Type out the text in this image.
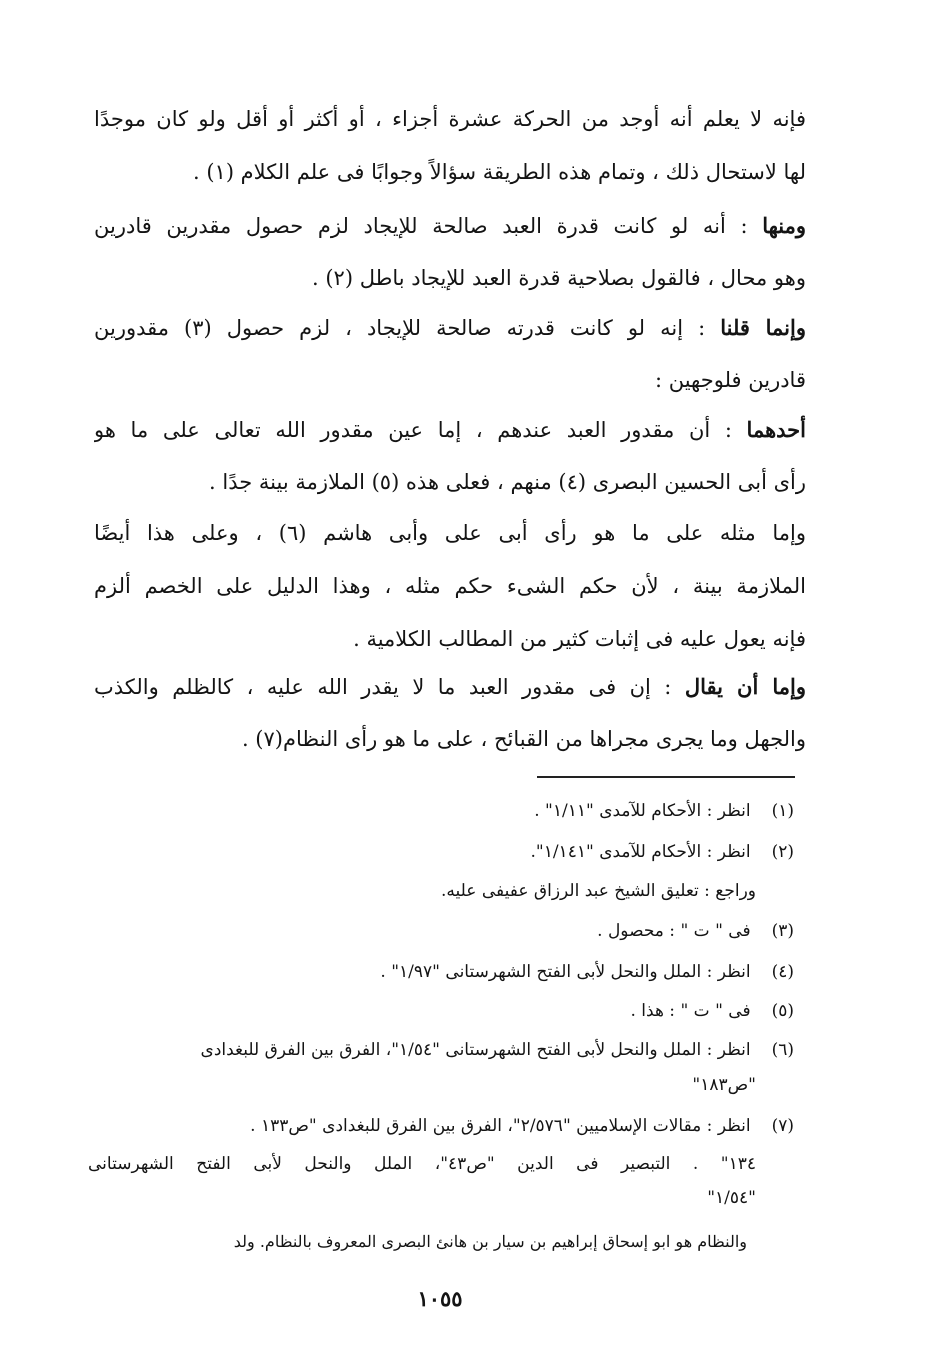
فإنه لا يعلم أنه أوجد من الحركة عشرة أجزاء ، أو أكثر أو أقل ولو كان موجدًا
لها لاستحال ذلك ، وتمام هذه الطريقة سؤالاً وجوابًا فى علم الكلام (١) .
ومنها : أنه لو كانت قدرة العبد صالحة للإيجاد لزم حصول مقدرين قادرين
وهو محال ، فالقول بصلاحية قدرة العبد للإيجاد باطل (٢) .
وإنما قلنا : إنه لو كانت قدرته صالحة للإيجاد ، لزم حصول (٣) مقدورين
قادرين فلوجهين :
أحدهما : أن مقدور العبد عندهم ، إما عين مقدور الله تعالى على ما هو
رأى أبى الحسين البصرى (٤) منهم ، فعلى هذه (٥) الملازمة بينة جدًا .
وإما مثله على ما هو رأى أبى على وأبى هاشم (٦) ، وعلى هذا أيضًا
الملازمة بينة ، لأن حكم الشىء حكم مثله ، وهذا الدليل على الخصم ألزم
فإنه يعول عليه فى إثبات كثير من المطالب الكلامية .
وإما أن يقال : إن فى مقدور العبد ما لا يقدر الله عليه ، كالظلم والكذب
والجهل وما يجرى مجراها من القبائح ، على ما هو رأى النظام(٧) .
(١) انظر : الأحكام للآمدى "١/١١" .
(٢) انظر : الأحكام للآمدى "١/١٤١".
وراجع : تعليق الشيخ عبد الرزاق عفيفى عليه.
(٣) فى " ت " : محصول .
(٤) انظر : الملل والنحل لأبى الفتح الشهرستانى "١/٩٧" .
(٥) فى " ت " : هذا .
(٦) انظر : الملل والنحل لأبى الفتح الشهرستانى "١/٥٤"، الفرق بين الفرق للبغدادى
"ص١٨٣"
(٧) انظر : مقالات الإسلاميين "٢/٥٧٦"، الفرق بين الفرق للبغدادى "ص١٣٣ .
١٣٤" . التبصير فى الدين "ص٤٣"، الملل والنحل لأبى الفتح الشهرستانى
"١/٥٤"
والنظام هو ابو إسحاق إبراهيم بن سيار بن هانئ البصرى المعروف بالنظام. ولد
١٠٥٥
